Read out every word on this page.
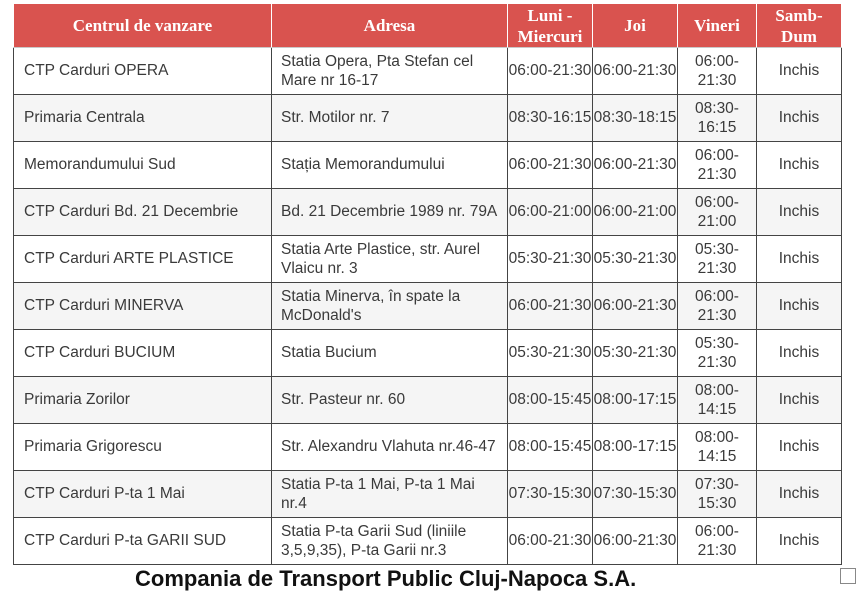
Centrul de vanzare	Adresa	Luni - Miercuri	Joi	Vineri	Samb-Dum
CTP Carduri OPERA	Statia Opera, Pta Stefan cel Mare nr 16-17	06:00-21:30	06:00-21:30	06:00-21:30	Inchis
Primaria Centrala	Str. Motilor nr. 7	08:30-16:15	08:30-18:15	08:30-16:15	Inchis
Memorandumului Sud	Stația Memorandumului	06:00-21:30	06:00-21:30	06:00-21:30	Inchis
CTP Carduri Bd. 21 Decembrie	Bd. 21 Decembrie 1989 nr. 79A	06:00-21:00	06:00-21:00	06:00-21:00	Inchis
CTP Carduri ARTE PLASTICE	Statia Arte Plastice, str. Aurel Vlaicu nr. 3	05:30-21:30	05:30-21:30	05:30-21:30	Inchis
CTP Carduri MINERVA	Statia Minerva, în spate la McDonald's	06:00-21:30	06:00-21:30	06:00-21:30	Inchis
CTP Carduri BUCIUM	Statia Bucium	05:30-21:30	05:30-21:30	05:30-21:30	Inchis
Primaria Zorilor	Str. Pasteur nr. 60	08:00-15:45	08:00-17:15	08:00-14:15	Inchis
Primaria Grigorescu	Str. Alexandru Vlahuta nr.46-47	08:00-15:45	08:00-17:15	08:00-14:15	Inchis
CTP Carduri P-ta 1 Mai	Statia P-ta 1 Mai, P-ta 1 Mai nr.4	07:30-15:30	07:30-15:30	07:30-15:30	Inchis
CTP Carduri P-ta GARII SUD	Statia P-ta Garii Sud (liniile 3,5,9,35), P-ta Garii nr.3	06:00-21:30	06:00-21:30	06:00-21:30	Inchis
Compania de Transport Public Cluj-Napoca S.A.
